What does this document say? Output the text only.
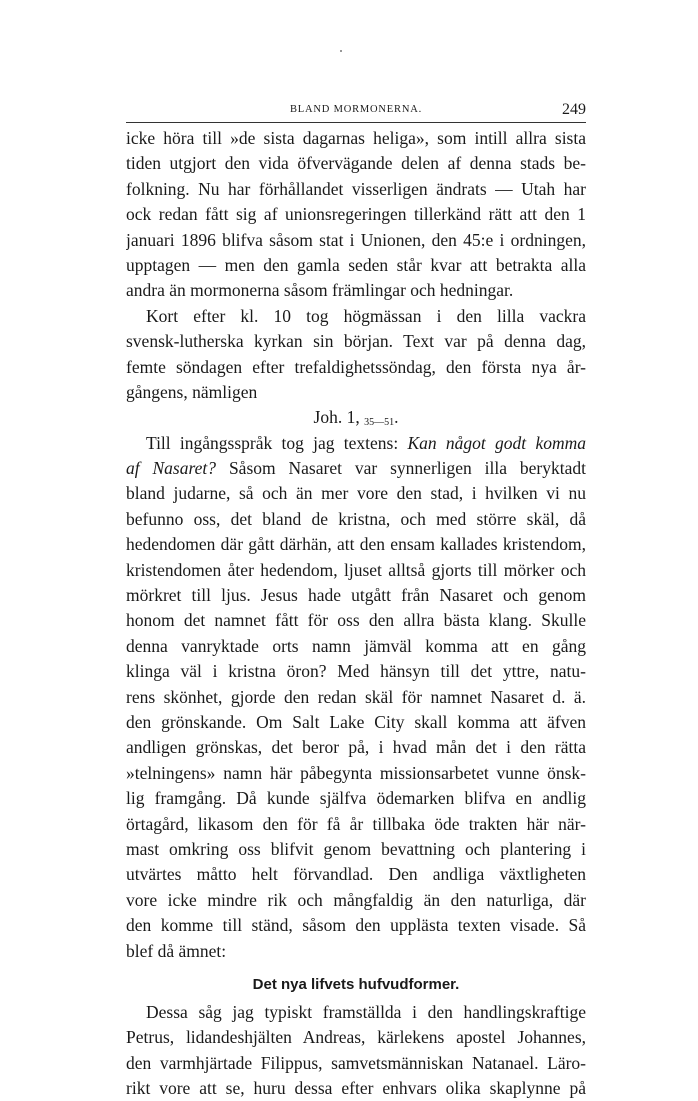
BLAND MORMONERNA.	249
icke höra till »de sista dagarnas heliga», som intill allra sista
tiden utgjort den vida öfvervägande delen af denna stads be-
folkning. Nu har förhållandet visserligen ändrats — Utah har
ock redan fått sig af unionsregeringen tillerkänd rätt att den 1
januari 1896 blifva såsom stat i Unionen, den 45:e i ordningen,
upptagen — men den gamla seden står kvar att betrakta alla
andra än mormonerna såsom främlingar och hedningar.
Kort efter kl. 10 tog högmässan i den lilla vackra
svensk-lutherska kyrkan sin början. Text var på denna dag,
femte söndagen efter trefaldighetssöndag, den första nya år-
gångens, nämligen
Joh. 1, $_{35—51}$.
Till ingångsspråk tog jag textens: Kan något godt komma
af Nasaret? Såsom Nasaret var synnerligen illa beryktadt
bland judarne, så och än mer vore den stad, i hvilken vi nu
befunno oss, det bland de kristna, och med större skäl, då
hedendomen där gått därhän, att den ensam kallades kristendom,
kristendomen åter hedendom, ljuset alltså gjorts till mörker och
mörkret till ljus. Jesus hade utgått från Nasaret och genom
honom det namnet fått för oss den allra bästa klang. Skulle
denna vanryktade orts namn jämväl komma att en gång
klinga väl i kristna öron? Med hänsyn till det yttre, natu-
rens skönhet, gjorde den redan skäl för namnet Nasaret d. ä.
den grönskande. Om Salt Lake City skall komma att äfven
andligen grönskas, det beror på, i hvad mån det i den rätta
»telningens» namn här påbegynta missionsarbetet vunne önsk-
lig framgång. Då kunde själfva ödemarken blifva en andlig
örtagård, likasom den för få år tillbaka öde trakten här när-
mast omkring oss blifvit genom bevattning och plantering i
utvärtes måtto helt förvandlad. Den andliga växtligheten
vore icke mindre rik och mångfaldig än den naturliga, där
den komme till ständ, såsom den upplästa texten visade. Så
blef då ämnet:
Det nya lifvets hufvudformer.
Dessa såg jag typiskt framställda i den handlingskraftige
Petrus, lidandeshjälten Andreas, kärlekens apostel Johannes,
den varmhjärtade Filippus, samvetsmänniskan Natanael. Läro-
rikt vore att se, huru dessa efter enhvars olika skaplynne på
